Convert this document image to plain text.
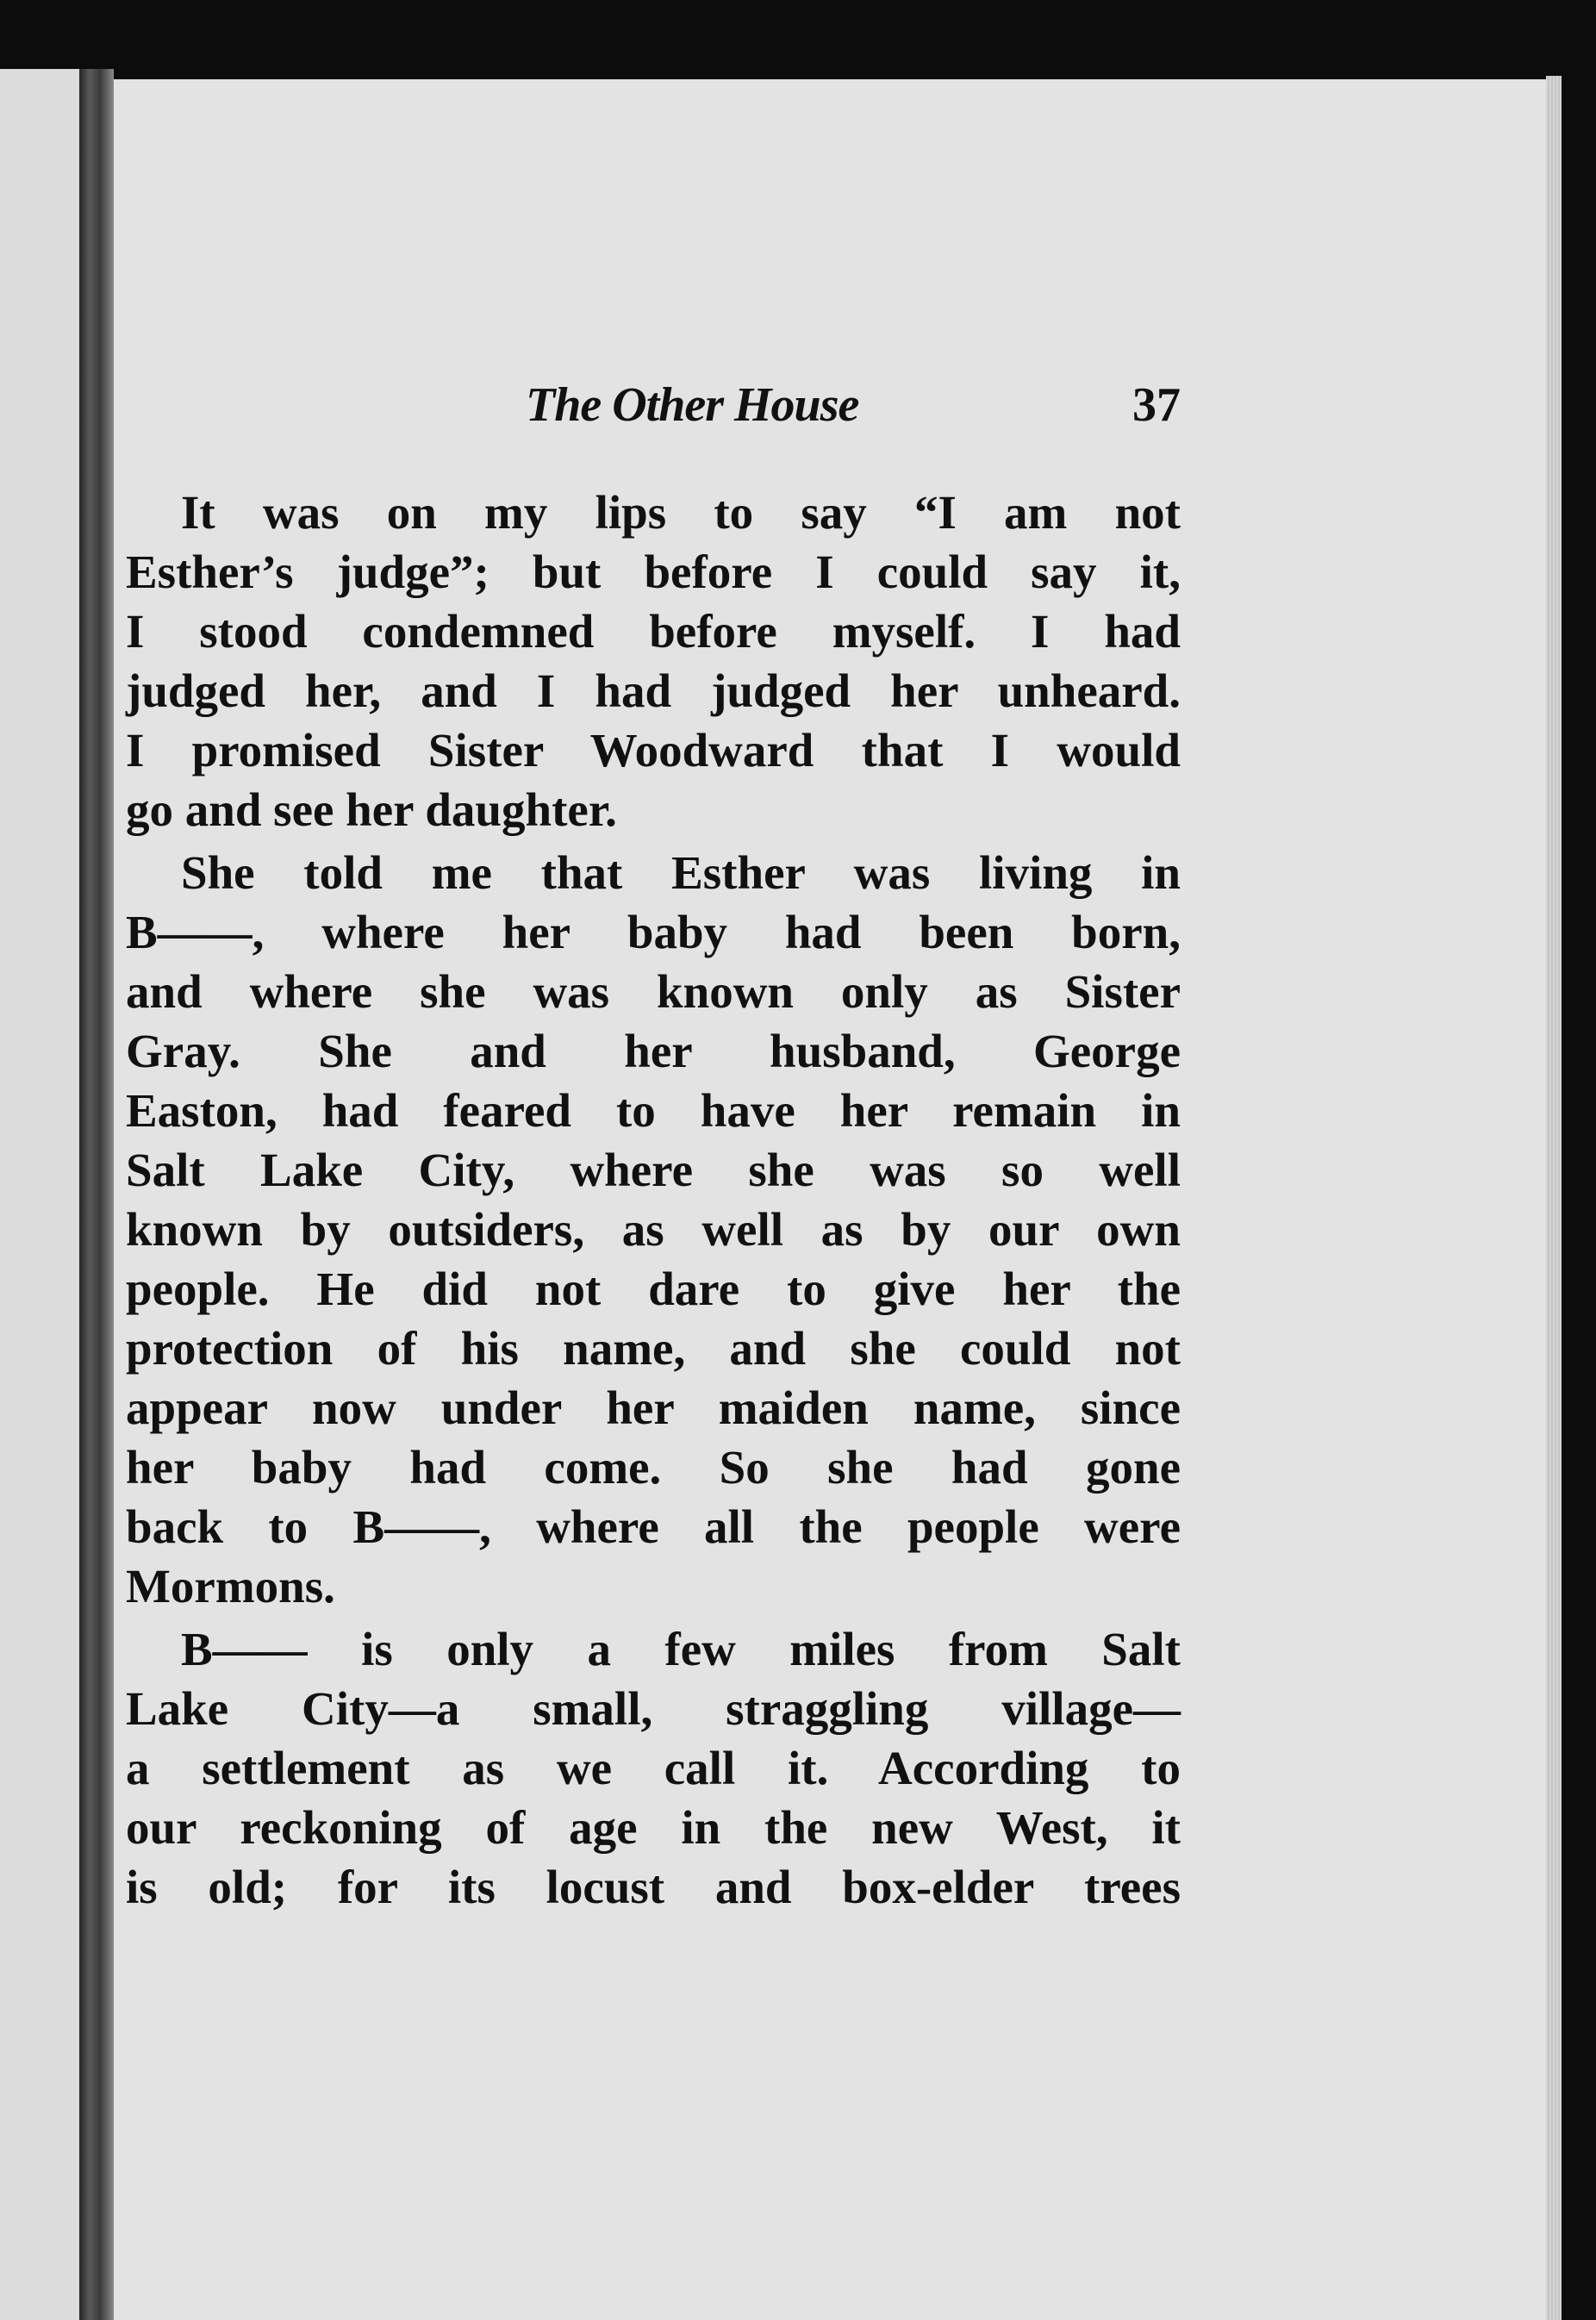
The Other House	37

It was on my lips to say “I am not
Esther’s judge”; but before I could say it,
I stood condemned before myself. I had
judged her, and I had judged her unheard.
I promised Sister Woodward that I would
go and see her daughter.

She told me that Esther was living in
B——, where her baby had been born,
and where she was known only as Sister
Gray. She and her husband, George
Easton, had feared to have her remain in
Salt Lake City, where she was so well
known by outsiders, as well as by our own
people. He did not dare to give her the
protection of his name, and she could not
appear now under her maiden name, since
her baby had come. So she had gone
back to B——, where all the people were
Mormons.

B—— is only a few miles from Salt
Lake City—a small, straggling village—
a settlement as we call it. According to
our reckoning of age in the new West, it
is old; for its locust and box-elder trees
